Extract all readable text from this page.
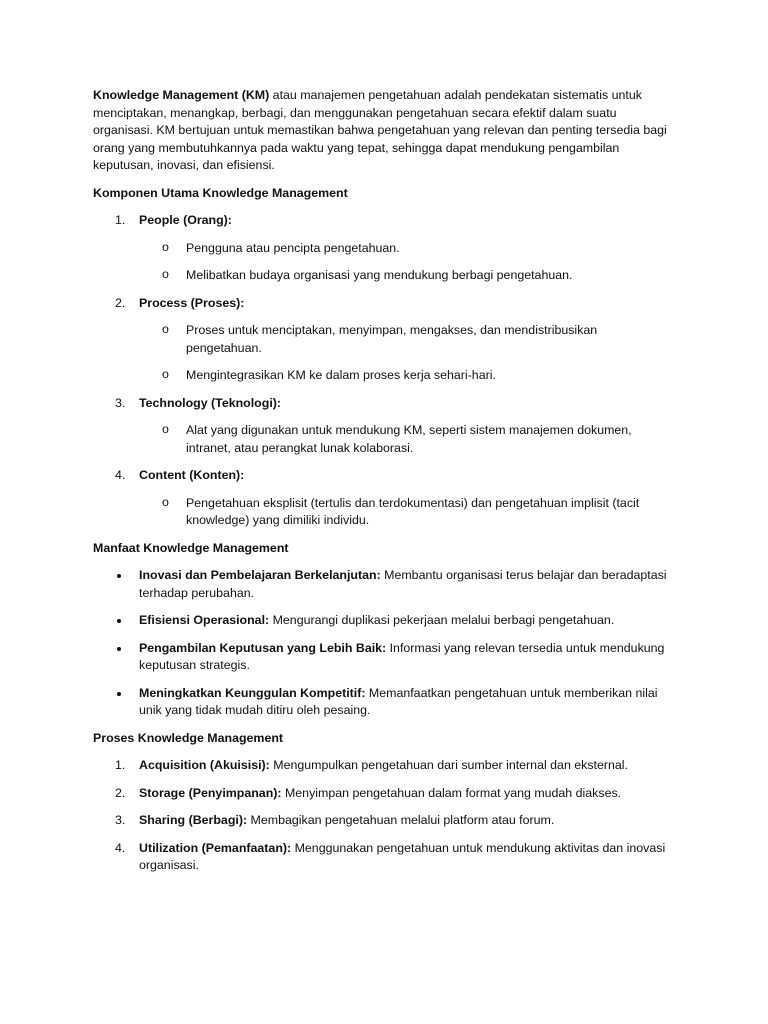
Knowledge Management (KM) atau manajemen pengetahuan adalah pendekatan sistematis untuk menciptakan, menangkap, berbagi, dan menggunakan pengetahuan secara efektif dalam suatu organisasi. KM bertujuan untuk memastikan bahwa pengetahuan yang relevan dan penting tersedia bagi orang yang membutuhkannya pada waktu yang tepat, sehingga dapat mendukung pengambilan keputusan, inovasi, dan efisiensi.

Komponen Utama Knowledge Management

1. People (Orang):
o Pengguna atau pencipta pengetahuan.
o Melibatkan budaya organisasi yang mendukung berbagi pengetahuan.
2. Process (Proses):
o Proses untuk menciptakan, menyimpan, mengakses, dan mendistribusikan pengetahuan.
o Mengintegrasikan KM ke dalam proses kerja sehari-hari.
3. Technology (Teknologi):
o Alat yang digunakan untuk mendukung KM, seperti sistem manajemen dokumen, intranet, atau perangkat lunak kolaborasi.
4. Content (Konten):
o Pengetahuan eksplisit (tertulis dan terdokumentasi) dan pengetahuan implisit (tacit knowledge) yang dimiliki individu.

Manfaat Knowledge Management

Inovasi dan Pembelajaran Berkelanjutan: Membantu organisasi terus belajar dan beradaptasi terhadap perubahan.
Efisiensi Operasional: Mengurangi duplikasi pekerjaan melalui berbagi pengetahuan.
Pengambilan Keputusan yang Lebih Baik: Informasi yang relevan tersedia untuk mendukung keputusan strategis.
Meningkatkan Keunggulan Kompetitif: Memanfaatkan pengetahuan untuk memberikan nilai unik yang tidak mudah ditiru oleh pesaing.

Proses Knowledge Management

1. Acquisition (Akuisisi): Mengumpulkan pengetahuan dari sumber internal dan eksternal.
2. Storage (Penyimpanan): Menyimpan pengetahuan dalam format yang mudah diakses.
3. Sharing (Berbagi): Membagikan pengetahuan melalui platform atau forum.
4. Utilization (Pemanfaatan): Menggunakan pengetahuan untuk mendukung aktivitas dan inovasi organisasi.
